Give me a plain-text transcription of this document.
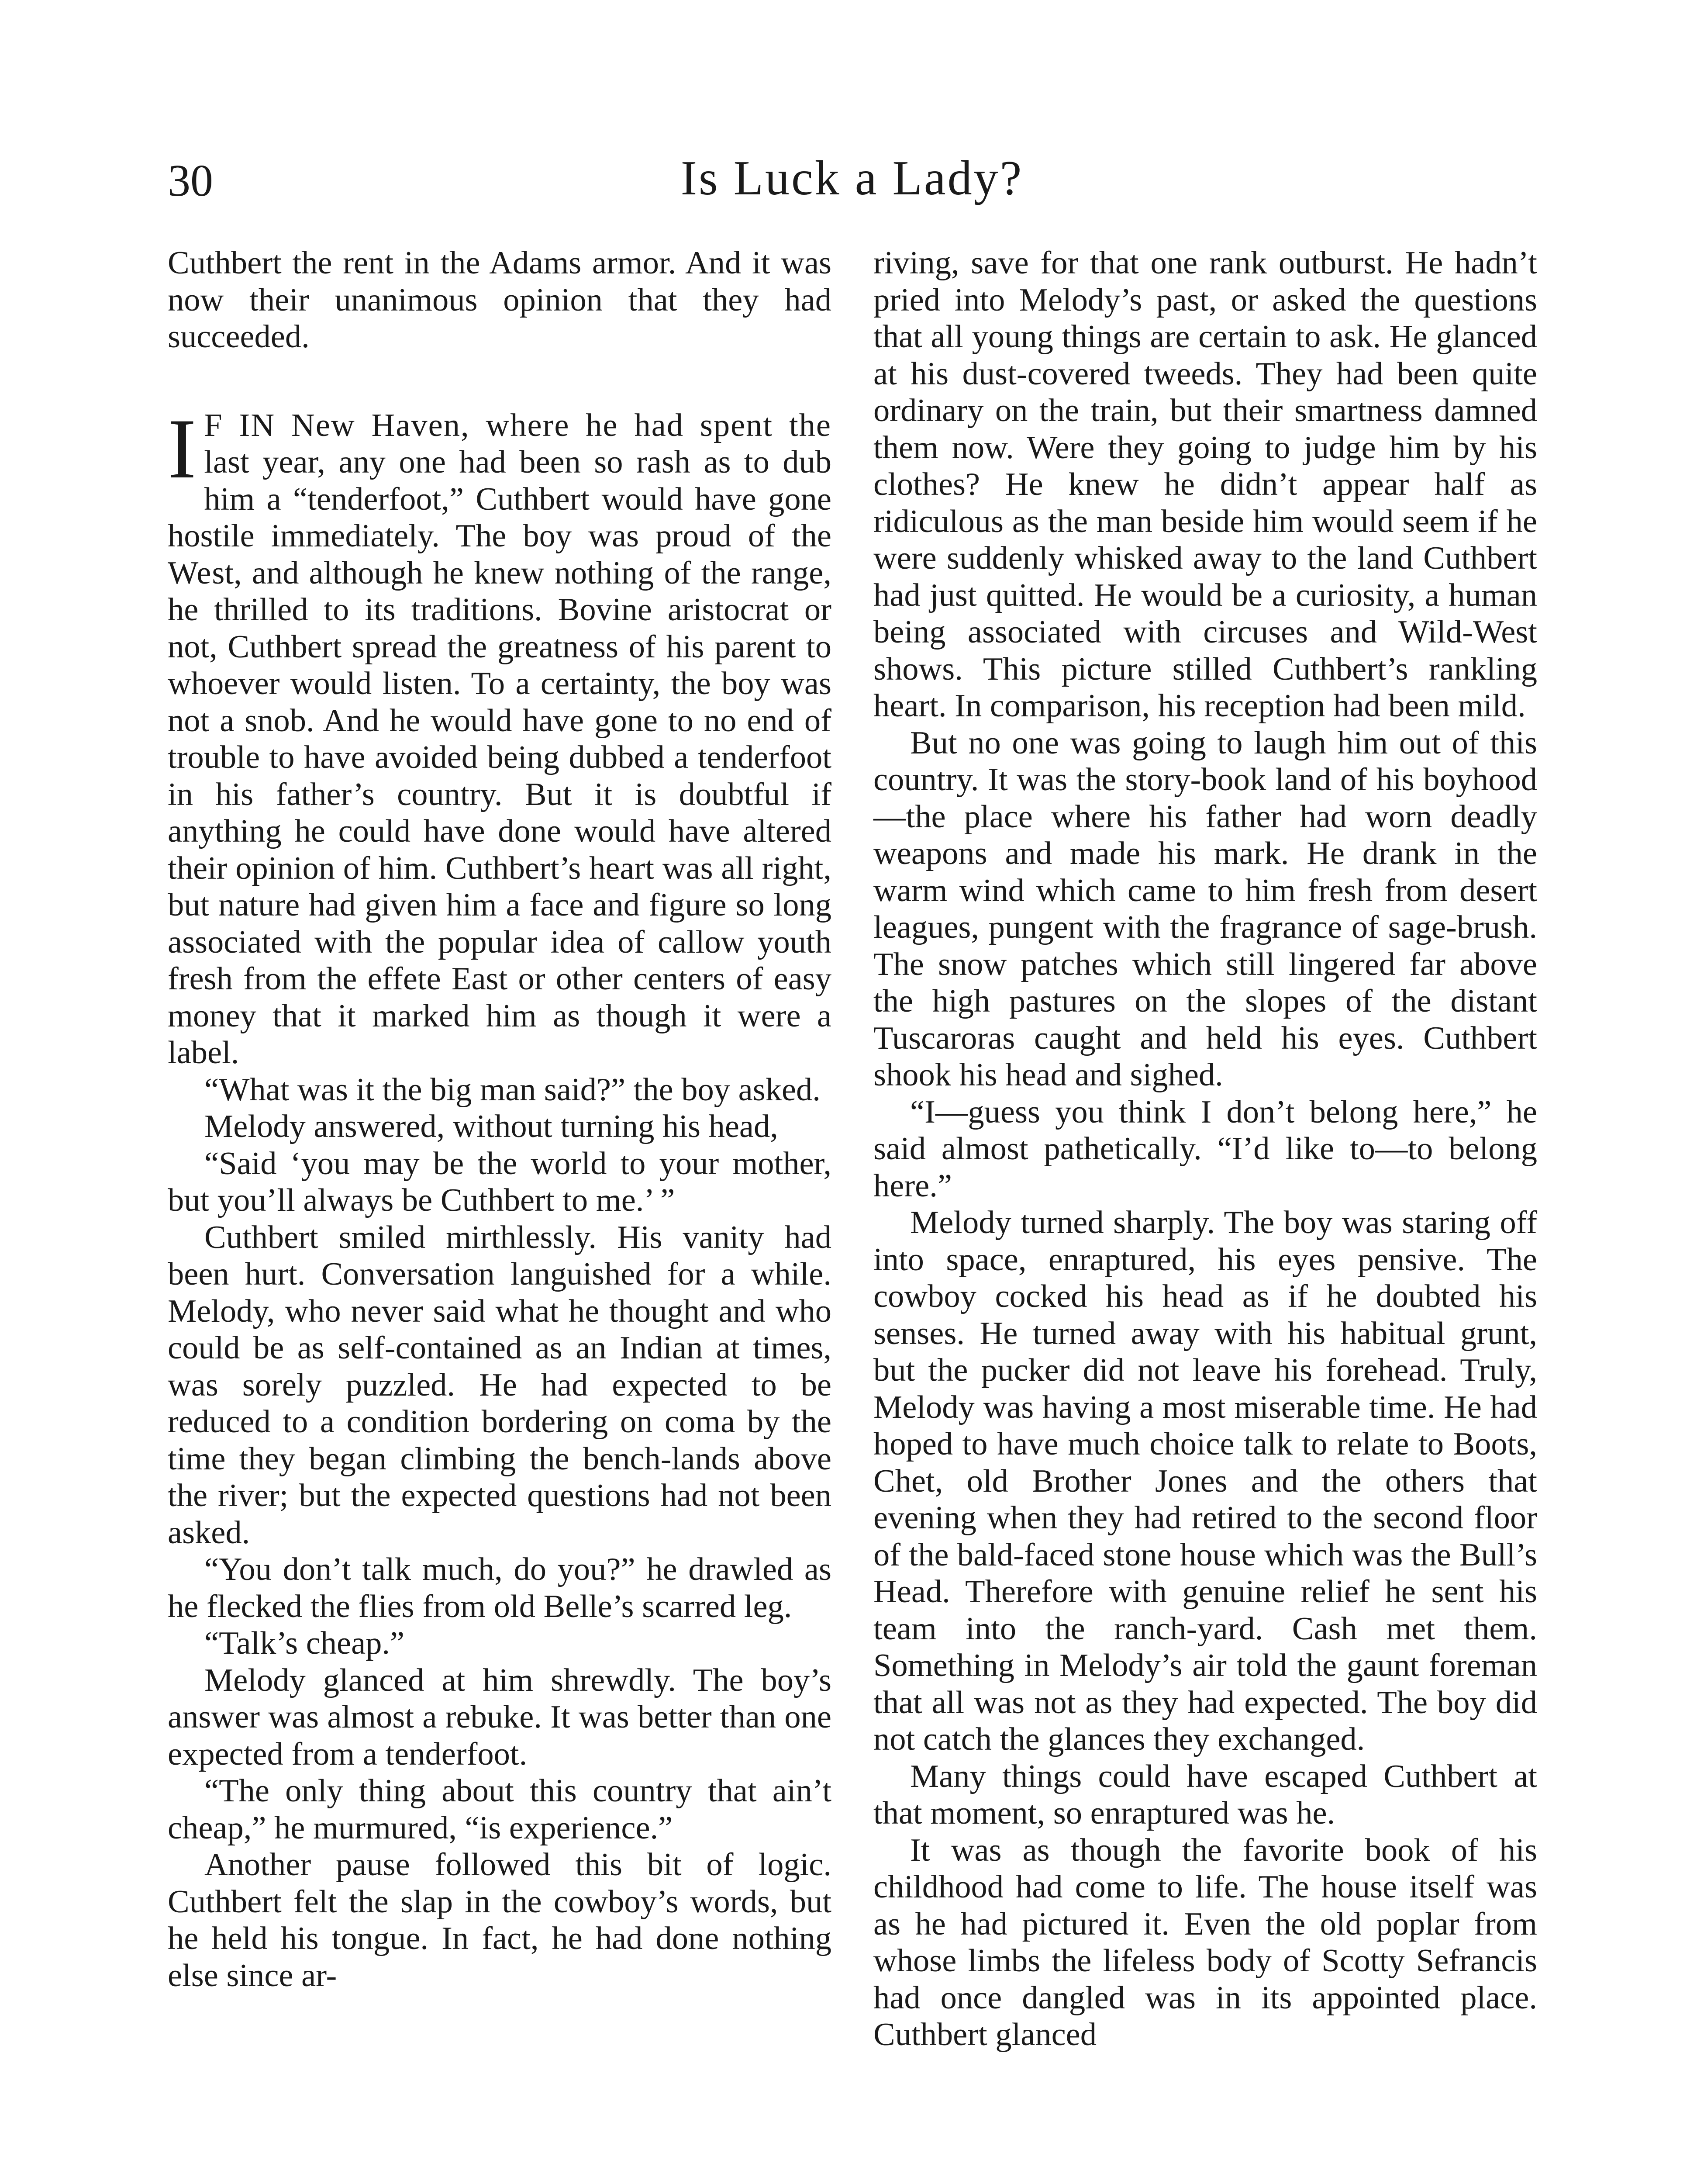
30	Is Luck a Lady?

Cuthbert the rent in the Adams armor. And it was now their unanimous opinion that they had succeeded.

I F IN New Haven, where he had spent the last year, any one had been so rash as to dub him a “tenderfoot,” Cuthbert would have gone hostile immediately. The boy was proud of the West, and although he knew nothing of the range, he thrilled to its traditions. Bovine aristocrat or not, Cuthbert spread the greatness of his parent to whoever would listen. To a certainty, the boy was not a snob. And he would have gone to no end of trouble to have avoided being dubbed a tenderfoot in his father’s country. But it is doubtful if anything he could have done would have altered their opinion of him. Cuthbert’s heart was all right, but nature had given him a face and figure so long associated with the popular idea of callow youth fresh from the effete East or other centers of easy money that it marked him as though it were a label.

“What was it the big man said?” the boy asked.

Melody answered, without turning his head,

“Said ‘you may be the world to your mother, but you’ll always be Cuthbert to me.’ ”

Cuthbert smiled mirthlessly. His vanity had been hurt. Conversation languished for a while. Melody, who never said what he thought and who could be as self-contained as an Indian at times, was sorely puzzled. He had expected to be reduced to a condition bordering on coma by the time they began climbing the bench-lands above the river; but the expected questions had not been asked.

“You don’t talk much, do you?” he drawled as he flecked the flies from old Belle’s scarred leg.

“Talk’s cheap.”

Melody glanced at him shrewdly. The boy’s answer was almost a rebuke. It was better than one expected from a tenderfoot.

“The only thing about this country that ain’t cheap,” he murmured, “is experience.”

Another pause followed this bit of logic. Cuthbert felt the slap in the cowboy’s words, but he held his tongue. In fact, he had done nothing else since ar-

riving, save for that one rank outburst. He hadn’t pried into Melody’s past, or asked the questions that all young things are certain to ask. He glanced at his dust-covered tweeds. They had been quite ordinary on the train, but their smartness damned them now. Were they going to judge him by his clothes? He knew he didn’t appear half as ridiculous as the man beside him would seem if he were suddenly whisked away to the land Cuthbert had just quitted. He would be a curiosity, a human being associated with circuses and Wild-West shows. This picture stilled Cuthbert’s rankling heart. In comparison, his reception had been mild.

But no one was going to laugh him out of this country. It was the story-book land of his boyhood—the place where his father had worn deadly weapons and made his mark. He drank in the warm wind which came to him fresh from desert leagues, pungent with the fragrance of sage-brush. The snow patches which still lingered far above the high pastures on the slopes of the distant Tuscaroras caught and held his eyes. Cuthbert shook his head and sighed.

“I—guess you think I don’t belong here,” he said almost pathetically. “I’d like to—to belong here.”

Melody turned sharply. The boy was staring off into space, enraptured, his eyes pensive. The cowboy cocked his head as if he doubted his senses. He turned away with his habitual grunt, but the pucker did not leave his forehead. Truly, Melody was having a most miserable time. He had hoped to have much choice talk to relate to Boots, Chet, old Brother Jones and the others that evening when they had retired to the second floor of the bald-faced stone house which was the Bull’s Head. Therefore with genuine relief he sent his team into the ranch-yard. Cash met them. Something in Melody’s air told the gaunt foreman that all was not as they had expected. The boy did not catch the glances they exchanged.

Many things could have escaped Cuthbert at that moment, so enraptured was he.

It was as though the favorite book of his childhood had come to life. The house itself was as he had pictured it. Even the old poplar from whose limbs the lifeless body of Scotty Sefrancis had once dangled was in its appointed place. Cuthbert glanced
